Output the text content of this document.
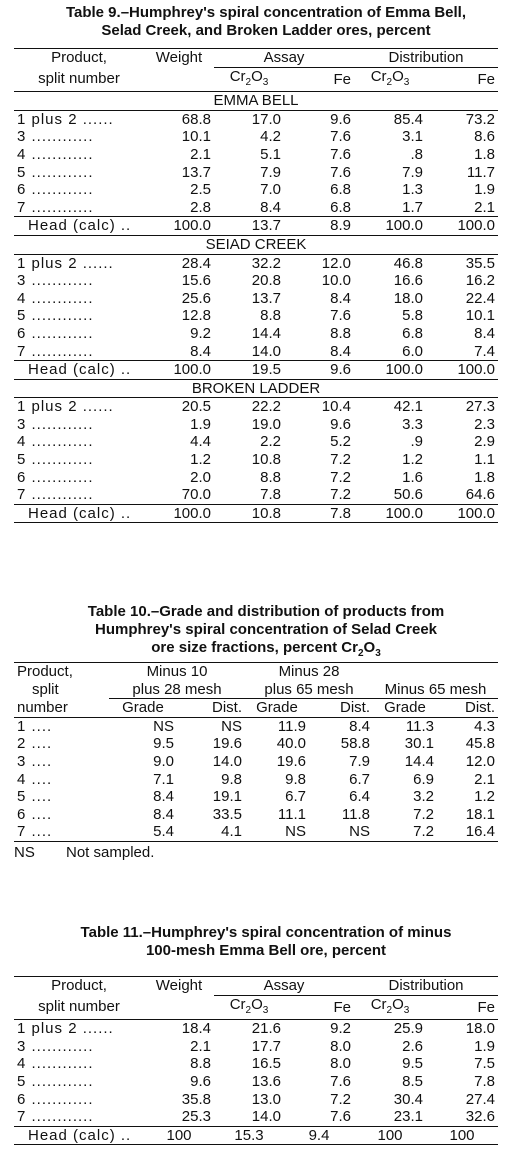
Table 9.–Humphrey's spiral concentration of Emma Bell,
Selad Creek, and Broken Ladder ores, percent
Product,	Weight	Assay		Distribution	
split number		$Cr_2O_3$	Fe	$Cr_2O_3$	Fe
EMMA BELL					
1 plus 2 ......	68.8	17.0	9.6	85.4	73.2
3 ............	10.1	4.2	7.6	3.1	8.6
4 ............	2.1	5.1	7.6	.8	1.8
5 ............	13.7	7.9	7.6	7.9	11.7
6 ............	2.5	7.0	6.8	1.3	1.9
7 ............	2.8	8.4	6.8	1.7	2.1
Head (calc) ..	100.0	13.7	8.9	100.0	100.0
SEIAD CREEK					
1 plus 2 ......	28.4	32.2	12.0	46.8	35.5
3 ............	15.6	20.8	10.0	16.6	16.2
4 ............	25.6	13.7	8.4	18.0	22.4
5 ............	12.8	8.8	7.6	5.8	10.1
6 ............	9.2	14.4	8.8	6.8	8.4
7 ............	8.4	14.0	8.4	6.0	7.4
Head (calc) ..	100.0	19.5	9.6	100.0	100.0
BROKEN LADDER					
1 plus 2 ......	20.5	22.2	10.4	42.1	27.3
3 ............	1.9	19.0	9.6	3.3	2.3
4 ............	4.4	2.2	5.2	.9	2.9
5 ............	1.2	10.8	7.2	1.2	1.1
6 ............	2.0	8.8	7.2	1.6	1.8
7 ............	70.0	7.8	7.2	50.6	64.6
Head (calc) ..	100.0	10.8	7.8	100.0	100.0
Table 10.–Grade and distribution of products from
Humphrey's spiral concentration of Selad Creek
ore size fractions, percent $Cr_2O_3$
Product,	Minus 10		Minus 28			
split	plus 28 mesh		plus 65 mesh		Minus 65 mesh	
number	Grade	Dist.	Grade	Dist.	Grade	Dist.
1 ....	NS	NS	11.9	8.4	11.3	4.3
2 ....	9.5	19.6	40.0	58.8	30.1	45.8
3 ....	9.0	14.0	19.6	7.9	14.4	12.0
4 ....	7.1	9.8	9.8	6.7	6.9	2.1
5 ....	8.4	19.1	6.7	6.4	3.2	1.2
6 ....	8.4	33.5	11.1	11.8	7.2	18.1
7 ....	5.4	4.1	NS	NS	7.2	16.4
NS Not sampled.
Table 11.–Humphrey's spiral concentration of minus
100-mesh Emma Bell ore, percent
Product,	Weight	Assay		Distribution	
split number		$Cr_2O_3$	Fe	$Cr_2O_3$	Fe
1 plus 2 ......	18.4	21.6	9.2	25.9	18.0
3 ............	2.1	17.7	8.0	2.6	1.9
4 ............	8.8	16.5	8.0	9.5	7.5
5 ............	9.6	13.6	7.6	8.5	7.8
6 ............	35.8	13.0	7.2	30.4	27.4
7 ............	25.3	14.0	7.6	23.1	32.6
Head (calc) ..	100	15.3	9.4	100	100
